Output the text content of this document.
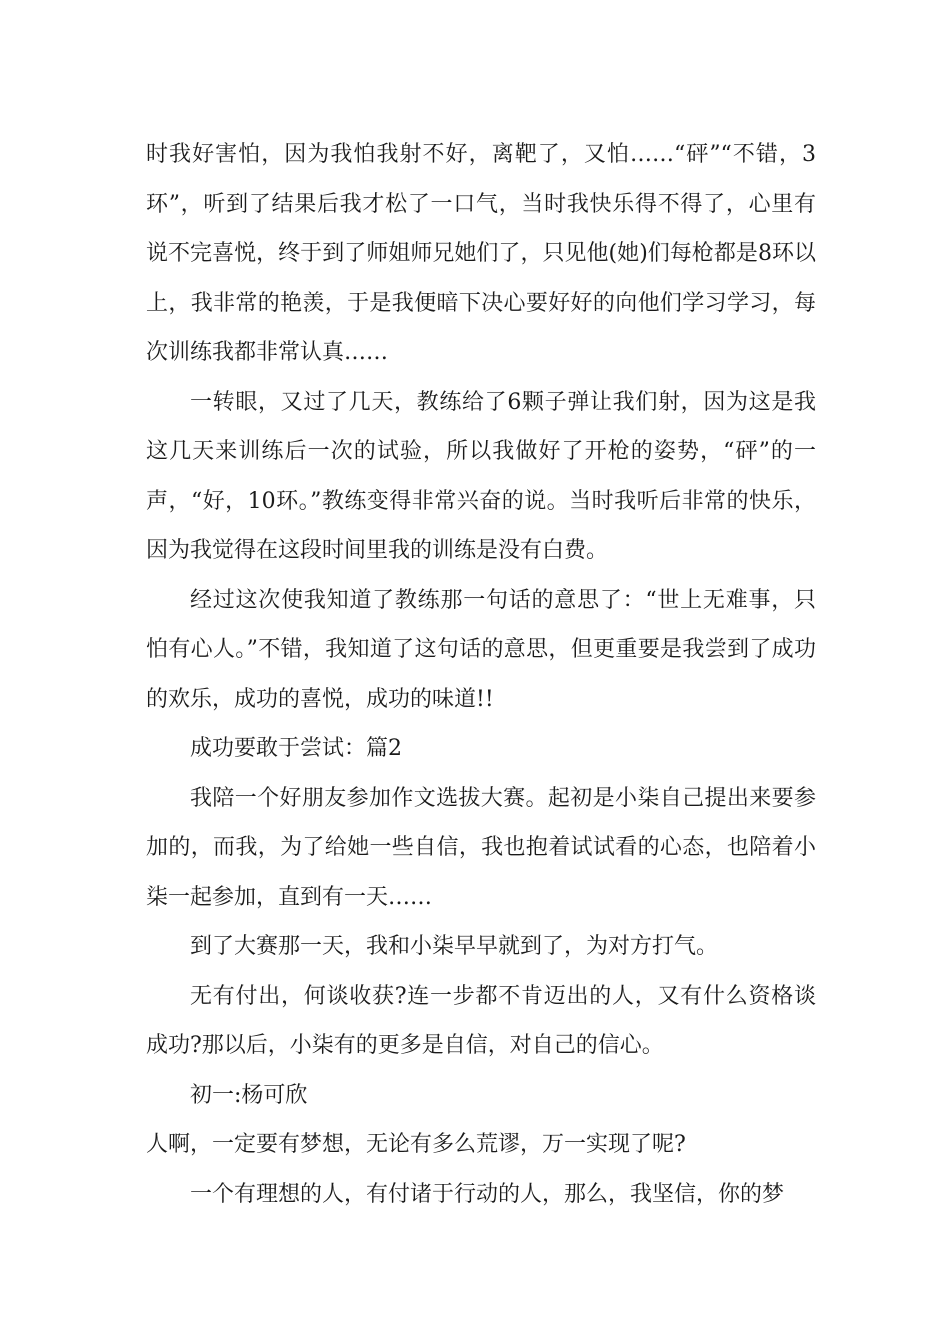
时我好害怕，因为我怕我射不好，离靶了，又怕……“砰”“不错，3环”，听到了结果后我才松了一口气，当时我快乐得不得了，心里有说不完喜悦，终于到了师姐师兄她们了，只见他(她)们每枪都是8环以上，我非常的艳羡，于是我便暗下决心要好好的向他们学习学习，每次训练我都非常认真……

一转眼，又过了几天，教练给了6颗子弹让我们射，因为这是我这几天来训练后一次的试验，所以我做好了开枪的姿势，“砰”的一声，“好，10环。”教练变得非常兴奋的说。当时我听后非常的快乐，因为我觉得在这段时间里我的训练是没有白费。

经过这次使我知道了教练那一句话的意思了：“世上无难事，只怕有心人。”不错，我知道了这句话的意思，但更重要是我尝到了成功的欢乐，成功的喜悦，成功的味道!!

成功要敢于尝试：篇2

我陪一个好朋友参加作文选拔大赛。起初是小柒自己提出来要参加的，而我，为了给她一些自信，我也抱着试试看的心态，也陪着小柒一起参加，直到有一天……

到了大赛那一天，我和小柒早早就到了，为对方打气。

无有付出，何谈收获?连一步都不肯迈出的人，又有什么资格谈成功?那以后，小柒有的更多是自信，对自己的信心。

初一:杨可欣

人啊，一定要有梦想，无论有多么荒谬，万一实现了呢?

一个有理想的人，有付诸于行动的人，那么，我坚信，你的梦
